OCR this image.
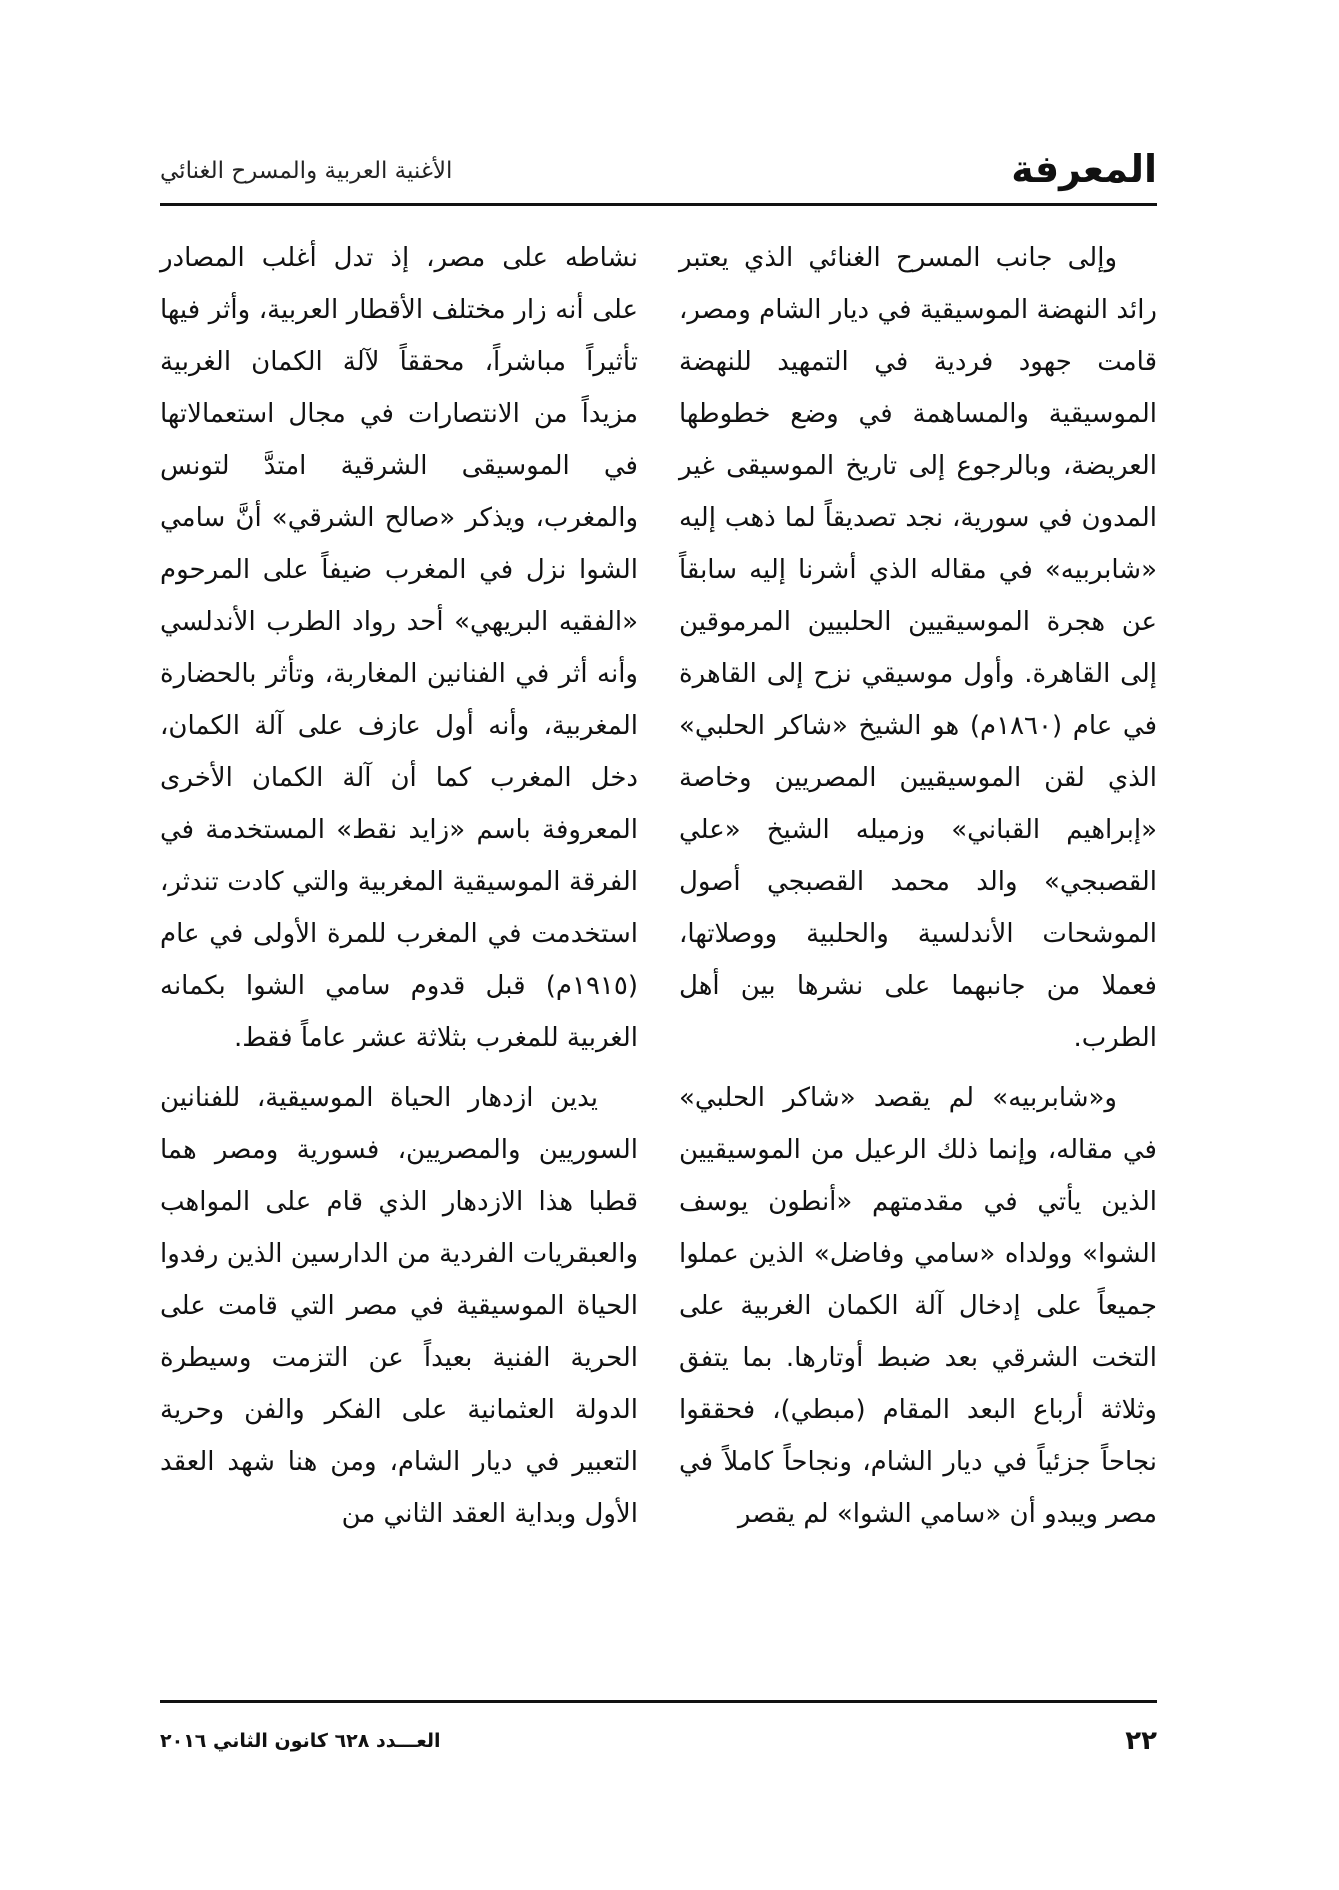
المعرفة
الأغنية العربية والمسرح الغنائي

وإلى جانب المسرح الغنائي الذي يعتبر رائد النهضة الموسيقية في ديار الشام ومصر، قامت جهود فردية في التمهيد للنهضة الموسيقية والمساهمة في وضع خطوطها العريضة، وبالرجوع إلى تاريخ الموسيقى غير المدون في سورية، نجد تصديقاً لما ذهب إليه «شابربيه» في مقاله الذي أشرنا إليه سابقاً عن هجرة الموسيقيين الحلبيين المرموقين إلى القاهرة. وأول موسيقي نزح إلى القاهرة في عام (١٨٦٠م) هو الشيخ «شاكر الحلبي» الذي لقن الموسيقيين المصريين وخاصة «إبراهيم القباني» وزميله الشيخ «علي القصبجي» والد محمد القصبجي أصول الموشحات الأندلسية والحلبية ووصلاتها، فعملا من جانبهما على نشرها بين أهل الطرب.

و«شابربيه» لم يقصد «شاكر الحلبي» في مقاله، وإنما ذلك الرعيل من الموسيقيين الذين يأتي في مقدمتهم «أنطون يوسف الشوا» وولداه «سامي وفاضل» الذين عملوا جميعاً على إدخال آلة الكمان الغربية على التخت الشرقي بعد ضبط أوتارها. بما يتفق وثلاثة أرباع البعد المقام (مبطي)، فحققوا نجاحاً جزئياً في ديار الشام، ونجاحاً كاملاً في مصر ويبدو أن «سامي الشوا» لم يقصر

نشاطه على مصر، إذ تدل أغلب المصادر على أنه زار مختلف الأقطار العربية، وأثر فيها تأثيراً مباشراً، محققاً لآلة الكمان الغربية مزيداً من الانتصارات في مجال استعمالاتها في الموسيقى الشرقية امتدَّ لتونس والمغرب، ويذكر «صالح الشرقي» أنَّ سامي الشوا نزل في المغرب ضيفاً على المرحوم «الفقيه البريهي» أحد رواد الطرب الأندلسي وأنه أثر في الفنانين المغاربة، وتأثر بالحضارة المغربية، وأنه أول عازف على آلة الكمان، دخل المغرب كما أن آلة الكمان الأخرى المعروفة باسم «زايد نقط» المستخدمة في الفرقة الموسيقية المغربية والتي كادت تندثر، استخدمت في المغرب للمرة الأولى في عام (١٩١٥م) قبل قدوم سامي الشوا بكمانه الغربية للمغرب بثلاثة عشر عاماً فقط.

يدين ازدهار الحياة الموسيقية، للفنانين السوريين والمصريين، فسورية ومصر هما قطبا هذا الازدهار الذي قام على المواهب والعبقريات الفردية من الدارسين الذين رفدوا الحياة الموسيقية في مصر التي قامت على الحرية الفنية بعيداً عن التزمت وسيطرة الدولة العثمانية على الفكر والفن وحرية التعبير في ديار الشام، ومن هنا شهد العقد الأول وبداية العقد الثاني من

٢٢
العـــدد ٦٢٨ كانون الثاني ٢٠١٦
